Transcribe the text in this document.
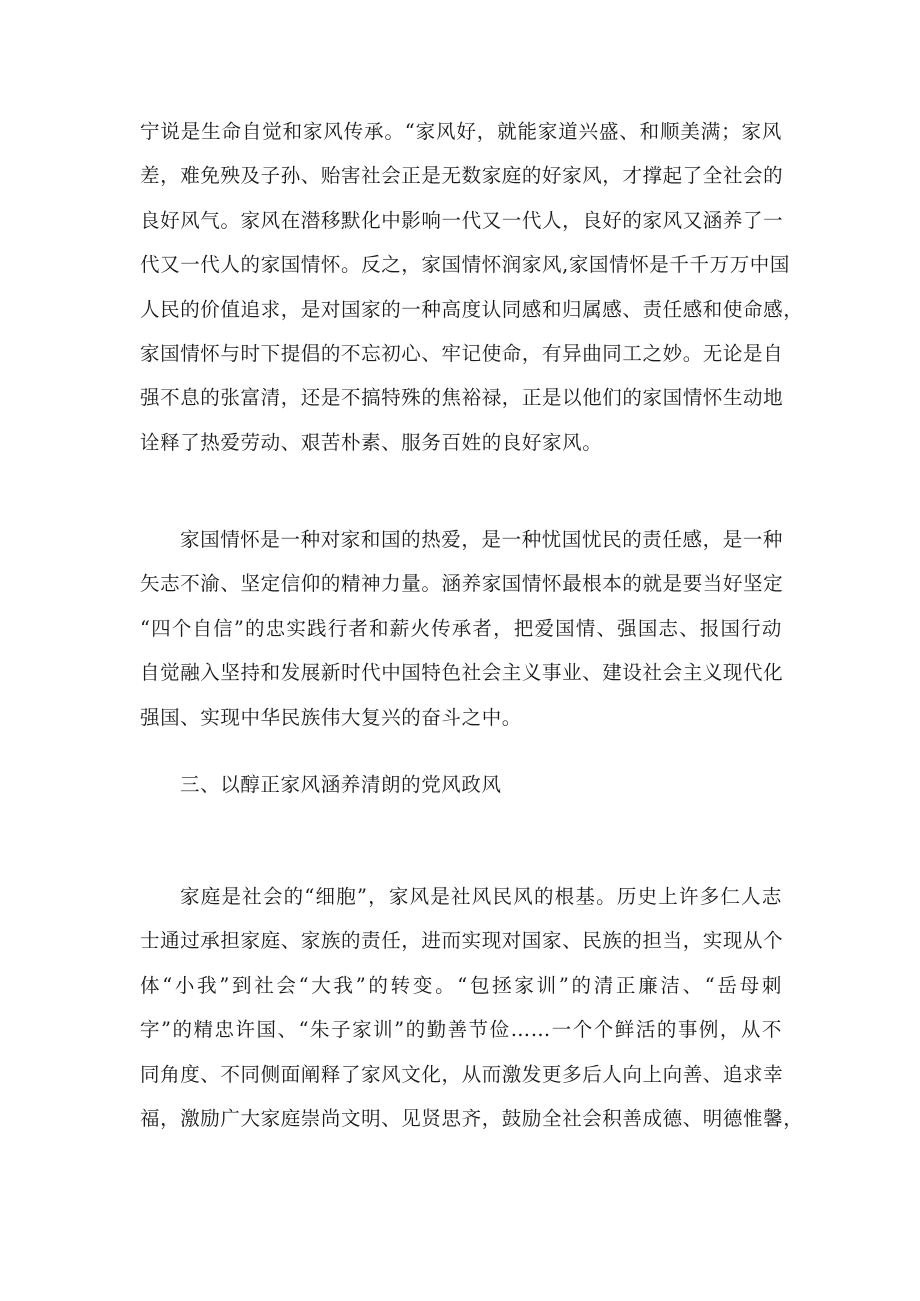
宁说是生命自觉和家风传承。“家风好，就能家道兴盛、和顺美满；家风
差，难免殃及子孙、贻害社会正是无数家庭的好家风，才撑起了全社会的
良好风气。家风在潜移默化中影响一代又一代人，良好的家风又涵养了一
代又一代人的家国情怀。反之，家国情怀润家风,家国情怀是千千万万中国
人民的价值追求，是对国家的一种高度认同感和归属感、责任感和使命感，
家国情怀与时下提倡的不忘初心、牢记使命，有异曲同工之妙。无论是自
强不息的张富清，还是不搞特殊的焦裕禄，正是以他们的家国情怀生动地
诠释了热爱劳动、艰苦朴素、服务百姓的良好家风。
家国情怀是一种对家和国的热爱，是一种忧国忧民的责任感，是一种
矢志不渝、坚定信仰的精神力量。涵养家国情怀最根本的就是要当好坚定
“四个自信”的忠实践行者和薪火传承者，把爱国情、强国志、报国行动
自觉融入坚持和发展新时代中国特色社会主义事业、建设社会主义现代化
强国、实现中华民族伟大复兴的奋斗之中。
三、以醇正家风涵养清朗的党风政风
家庭是社会的“细胞”，家风是社风民风的根基。历史上许多仁人志
士通过承担家庭、家族的责任，进而实现对国家、民族的担当，实现从个
体“小我”到社会“大我”的转变。“包拯家训”的清正廉洁、“岳母刺
字”的精忠许国、“朱子家训”的勤善节俭……一个个鲜活的事例，从不
同角度、不同侧面阐释了家风文化，从而激发更多后人向上向善、追求幸
福，激励广大家庭崇尚文明、见贤思齐，鼓励全社会积善成德、明德惟馨，
